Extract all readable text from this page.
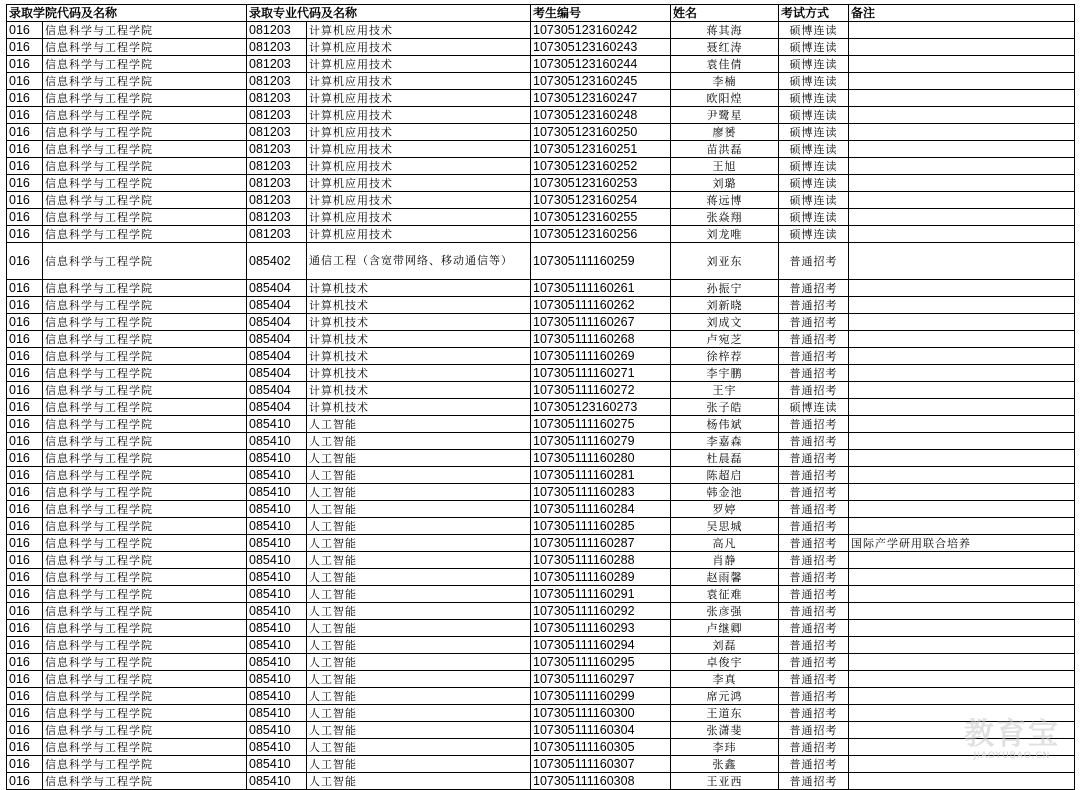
录取学院代码及名称		录取专业代码及名称		考生编号	姓名	考试方式	备注
016	信息科学与工程学院	081203	计算机应用技术	107305123160242	蒋其海	硕博连读	
016	信息科学与工程学院	081203	计算机应用技术	107305123160243	聂红涛	硕博连读	
016	信息科学与工程学院	081203	计算机应用技术	107305123160244	袁佳倩	硕博连读	
016	信息科学与工程学院	081203	计算机应用技术	107305123160245	李楠	硕博连读	
016	信息科学与工程学院	081203	计算机应用技术	107305123160247	欧阳煌	硕博连读	
016	信息科学与工程学院	081203	计算机应用技术	107305123160248	尹鹭星	硕博连读	
016	信息科学与工程学院	081203	计算机应用技术	107305123160250	廖赟	硕博连读	
016	信息科学与工程学院	081203	计算机应用技术	107305123160251	苗洪磊	硕博连读	
016	信息科学与工程学院	081203	计算机应用技术	107305123160252	王旭	硕博连读	
016	信息科学与工程学院	081203	计算机应用技术	107305123160253	刘璐	硕博连读	
016	信息科学与工程学院	081203	计算机应用技术	107305123160254	蒋远博	硕博连读	
016	信息科学与工程学院	081203	计算机应用技术	107305123160255	张焱翔	硕博连读	
016	信息科学与工程学院	081203	计算机应用技术	107305123160256	刘龙唯	硕博连读	
016	信息科学与工程学院	085402	通信工程（含宽带网络、移动通信等）	107305111160259	刘亚东	普通招考	
016	信息科学与工程学院	085404	计算机技术	107305111160261	孙振宁	普通招考	
016	信息科学与工程学院	085404	计算机技术	107305111160262	刘新晓	普通招考	
016	信息科学与工程学院	085404	计算机技术	107305111160267	刘成文	普通招考	
016	信息科学与工程学院	085404	计算机技术	107305111160268	卢宛芝	普通招考	
016	信息科学与工程学院	085404	计算机技术	107305111160269	徐梓荐	普通招考	
016	信息科学与工程学院	085404	计算机技术	107305111160271	李宇鹏	普通招考	
016	信息科学与工程学院	085404	计算机技术	107305111160272	王宇	普通招考	
016	信息科学与工程学院	085404	计算机技术	107305123160273	张子皓	硕博连读	
016	信息科学与工程学院	085410	人工智能	107305111160275	杨伟斌	普通招考	
016	信息科学与工程学院	085410	人工智能	107305111160279	李嘉森	普通招考	
016	信息科学与工程学院	085410	人工智能	107305111160280	杜晨磊	普通招考	
016	信息科学与工程学院	085410	人工智能	107305111160281	陈超启	普通招考	
016	信息科学与工程学院	085410	人工智能	107305111160283	韩金池	普通招考	
016	信息科学与工程学院	085410	人工智能	107305111160284	罗婷	普通招考	
016	信息科学与工程学院	085410	人工智能	107305111160285	吴思城	普通招考	
016	信息科学与工程学院	085410	人工智能	107305111160287	高凡	普通招考	国际产学研用联合培养
016	信息科学与工程学院	085410	人工智能	107305111160288	肖静	普通招考	
016	信息科学与工程学院	085410	人工智能	107305111160289	赵雨馨	普通招考	
016	信息科学与工程学院	085410	人工智能	107305111160291	袁征难	普通招考	
016	信息科学与工程学院	085410	人工智能	107305111160292	张彦强	普通招考	
016	信息科学与工程学院	085410	人工智能	107305111160293	卢继卿	普通招考	
016	信息科学与工程学院	085410	人工智能	107305111160294	刘磊	普通招考	
016	信息科学与工程学院	085410	人工智能	107305111160295	卓俊宇	普通招考	
016	信息科学与工程学院	085410	人工智能	107305111160297	李真	普通招考	
016	信息科学与工程学院	085410	人工智能	107305111160299	席元鸿	普通招考	
016	信息科学与工程学院	085410	人工智能	107305111160300	王道东	普通招考	
016	信息科学与工程学院	085410	人工智能	107305111160304	张潇斐	普通招考	
016	信息科学与工程学院	085410	人工智能	107305111160305	李玮	普通招考	
016	信息科学与工程学院	085410	人工智能	107305111160307	张鑫	普通招考	
016	信息科学与工程学院	085410	人工智能	107305111160308	王亚西	普通招考	
教育宝
JIAOYUBAO.CN
